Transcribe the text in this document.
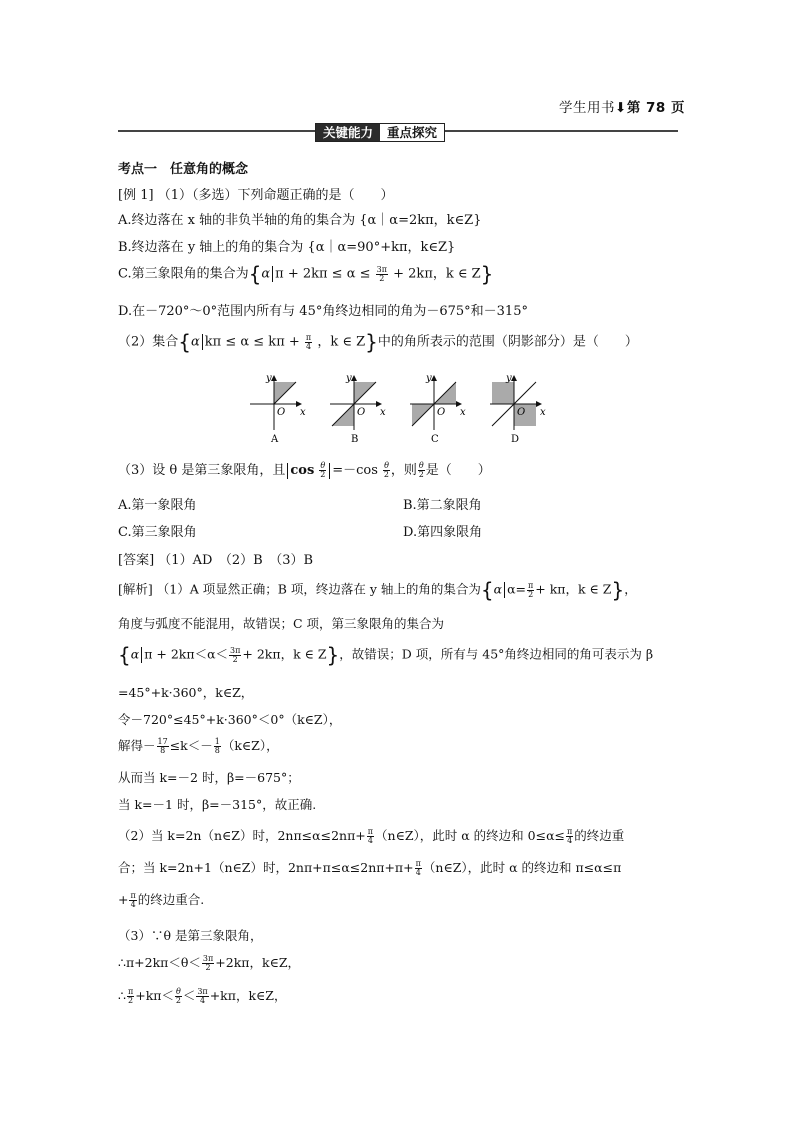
学生用书⬇第 78 页
关键能力	重点探究
考点一　任意角的概念
[例 1] （1）（多选）下列命题正确的是（　　）
A.终边落在 x 轴的非负半轴的角的集合为 {α｜α=2kπ，k∈Z}
B.终边落在 y 轴上的角的集合为 {α｜α=90°+kπ，k∈Z}
C.第三象限角的集合为{α $\pi + 2k\pi \le \alpha \le \frac{3\pi}{2} + 2k\pi$，k ∈ Z}
D.在－720°～0°范围内所有与 45°角终边相同的角为－675°和－315°
（2）集合{α $k\pi \le \alpha \le k\pi + \frac{\pi}{4}$ ，k ∈ Z}中的角所表示的范围（阴影部分）是（　　）
O x
y
A
O x
y
B
O x
y
C
O x
y
D
（3）设 θ 是第三象限角，且 $\cos \frac{\theta}{2} =-\cos \frac{\theta}{2}$ ，则 $\frac{\theta}{2}$ 是（　　）
A.第一象限角	B.第二象限角
C.第三象限角	D.第四象限角
[答案] （1）AD　（2）B　（3）B
[解析] （1）A 项显然正确；B 项，终边落在 y 轴上的角的集合为{α $\alpha= \frac{\pi}{2} + k\pi$，k ∈ Z}，
角度与弧度不能混用，故错误；C 项，第三象限角的集合为
{α $\pi + 2k\pi<\alpha< \frac{3\pi}{2} + 2k\pi$，k ∈ Z}，故错误；D 项，所有与 45°角终边相同的角可表示为 β
=45°+k·360°，k∈Z，
令－720°≤45°+k·360°＜0°（k∈Z），
解得－ $\frac{17}{8} \le k<- \frac{1}{8}$ （k∈Z），
从而当 k=－2 时，β=－675°；
当 k=－1 时，β=－315°，故正确.
（2）当 k=2n（n∈Z）时，$2n\pi\le\alpha\le 2n\pi+ \frac{\pi}{4}$ （n∈Z），此时 α 的终边和 $0\le\alpha\le \frac{\pi}{4}$ 的终边重
合；当 k=2n+1（n∈Z）时，$2n\pi+\pi\le\alpha\le 2n\pi+\pi+ \frac{\pi}{4}$ （n∈Z），此时 α 的终边和 π≤α≤π
+ $\frac{\pi}{4}$ 的终边重合.
（3）∵θ 是第三象限角，
∴π+2kπ＜θ＜ $\frac{3\pi}{2} +2k\pi$，k∈Z，
∴ $\frac{\pi}{2} +k\pi< \frac{\theta}{2} < \frac{3\pi}{4} +k\pi$，k∈Z，
